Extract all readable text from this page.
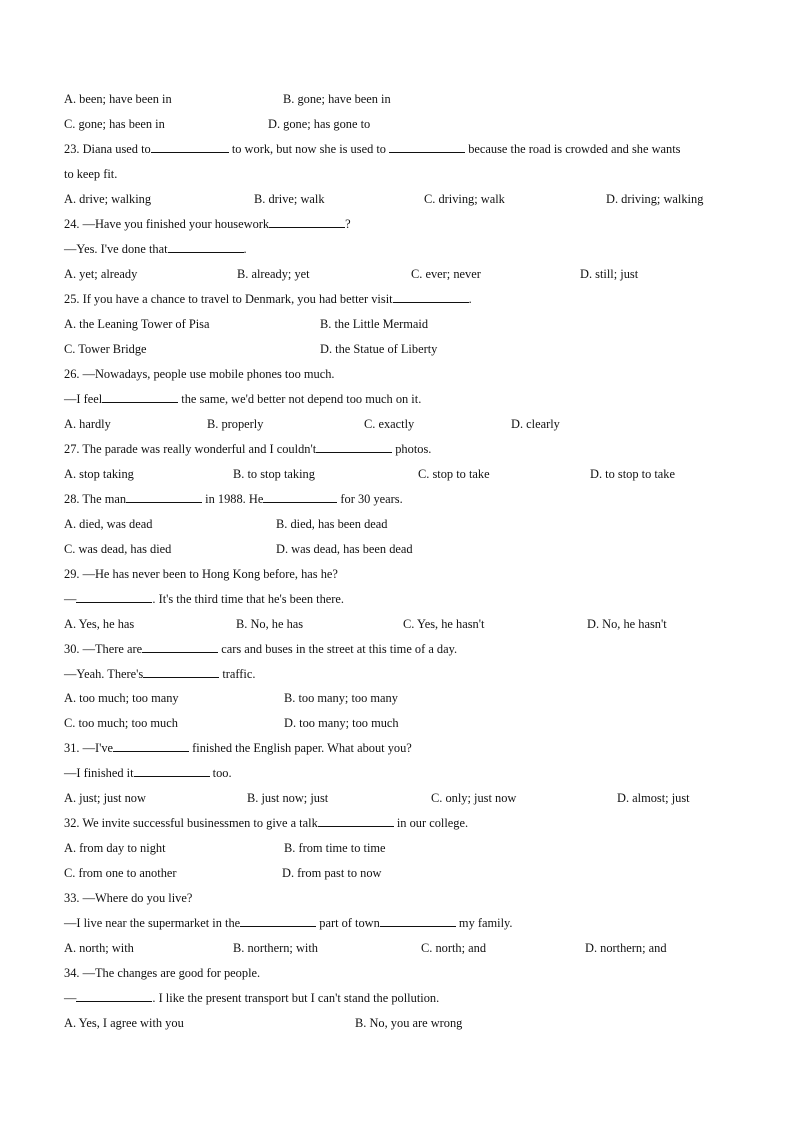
A. been; have been in	B. gone; have been in
C. gone; has been in	D. gone; has gone to
23. Diana used to	to work, but now she is used to	because the road is crowded and she wants
to keep fit.
A. drive; walking	B. drive; walk	C. driving; walk	D. driving; walking
24. —Have you finished your housework	?
—Yes. I've done that	.
A. yet; already	B. already; yet	C. ever; never	D. still; just
25. If you have a chance to travel to Denmark, you had better visit	.
A. the Leaning Tower of Pisa	B. the Little Mermaid
C. Tower Bridge	D. the Statue of Liberty
26. —Nowadays, people use mobile phones too much.
—I feel	the same, we'd better not depend too much on it.
A. hardly	B. properly	C. exactly	D. clearly
27. The parade was really wonderful and I couldn't	photos.
A. stop taking	B. to stop taking	C. stop to take	D. to stop to take
28. The man	in 1988. He	for 30 years.
A. died, was dead	B. died, has been dead
C. was dead, has died	D. was dead, has been dead
29. —He has never been to Hong Kong before, has he?
—	. It's the third time that he's been there.
A. Yes, he has	B. No, he has	C. Yes, he hasn't	D. No, he hasn't
30. —There are	cars and buses in the street at this time of a day.
—Yeah. There's	traffic.
A. too much; too many	B. too many; too many
C. too much; too much	D. too many; too much
31. —I've	finished the English paper. What about you?
—I finished it	too.
A. just; just now	B. just now; just	C. only; just now	D. almost; just
32. We invite successful businessmen to give a talk	in our college.
A. from day to night	B. from time to time
C. from one to another	D. from past to now
33. —Where do you live?
—I live near the supermarket in the	part of town	my family.
A. north; with	B. northern; with	C. north; and	D. northern; and
34. —The changes are good for people.
—	. I like the present transport but I can't stand the pollution.
A. Yes, I agree with you	B. No, you are wrong
